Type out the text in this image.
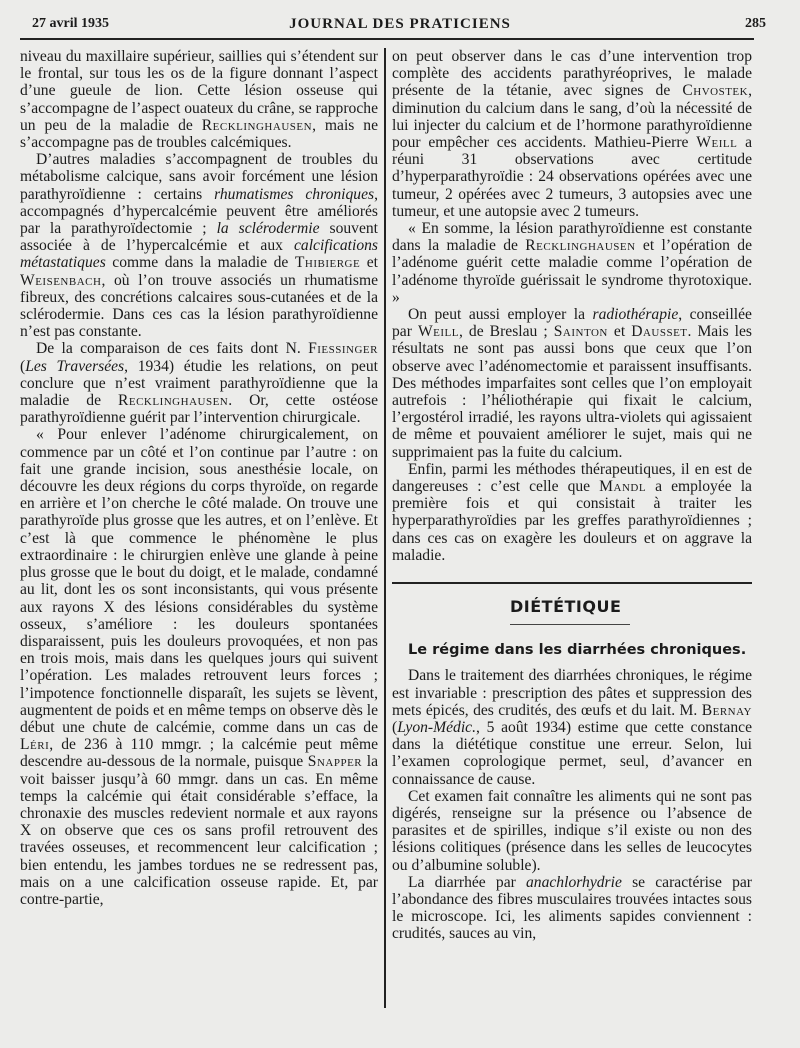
27 avril 1935	JOURNAL DES PRATICIENS	285

niveau du maxillaire supérieur, saillies qui s’étendent sur le frontal, sur tous les os de la figure donnant l’aspect d’une gueule de lion. Cette lésion osseuse qui s’accompagne de l’aspect ouateux du crâne, se rapproche un peu de la maladie de Recklinghausen, mais ne s’accompagne pas de troubles calcémiques.

D’autres maladies s’accompagnent de troubles du métabolisme calcique, sans avoir forcément une lésion parathyroïdienne : certains rhumatismes chroniques, accompagnés d’hypercalcémie peuvent être améliorés par la parathyroïdectomie ; la sclérodermie souvent associée à de l’hypercalcémie et aux calcifications métastatiques comme dans la maladie de Thibierge et Weisenbach, où l’on trouve associés un rhumatisme fibreux, des concrétions calcaires sous-cutanées et de la sclérodermie. Dans ces cas la lésion parathyroïdienne n’est pas constante.

De la comparaison de ces faits dont N. Fiessinger (Les Traversées, 1934) étudie les relations, on peut conclure que n’est vraiment parathyroïdienne que la maladie de Recklinghausen. Or, cette ostéose parathyroïdienne guérit par l’intervention chirurgicale.

« Pour enlever l’adénome chirurgicalement, on commence par un côté et l’on continue par l’autre : on fait une grande incision, sous anesthésie locale, on découvre les deux régions du corps thyroïde, on regarde en arrière et l’on cherche le côté malade. On trouve une parathyroïde plus grosse que les autres, et on l’enlève. Et c’est là que commence le phénomène le plus extraordinaire : le chirurgien enlève une glande à peine plus grosse que le bout du doigt, et le malade, condamné au lit, dont les os sont inconsistants, qui vous présente aux rayons X des lésions considérables du système osseux, s’améliore : les douleurs spontanées disparaissent, puis les douleurs provoquées, et non pas en trois mois, mais dans les quelques jours qui suivent l’opération. Les malades retrouvent leurs forces ; l’impotence fonctionnelle disparaît, les sujets se lèvent, augmentent de poids et en même temps on observe dès le début une chute de calcémie, comme dans un cas de Léri, de 236 à 110 mmgr. ; la calcémie peut même descendre au-dessous de la normale, puisque Snapper la voit baisser jusqu’à 60 mmgr. dans un cas. En même temps la calcémie qui était considérable s’efface, la chronaxie des muscles redevient normale et aux rayons X on observe que ces os sans profil retrouvent des travées osseuses, et recommencent leur calcification ; bien entendu, les jambes tordues ne se redressent pas, mais on a une calcification osseuse rapide. Et, par contre-partie,

on peut observer dans le cas d’une intervention trop complète des accidents parathyréoprives, le malade présente de la tétanie, avec signes de Chvostek, diminution du calcium dans le sang, d’où la nécessité de lui injecter du calcium et de l’hormone parathyroïdienne pour empêcher ces accidents. Mathieu-Pierre Weill a réuni 31 observations avec certitude d’hyperparathyroïdie : 24 observations opérées avec une tumeur, 2 opérées avec 2 tumeurs, 3 autopsies avec une tumeur, et une autopsie avec 2 tumeurs.

« En somme, la lésion parathyroïdienne est constante dans la maladie de Recklinghausen et l’opération de l’adénome guérit cette maladie comme l’opération de l’adénome thyroïde guérissait le syndrome thyrotoxique. »

On peut aussi employer la radiothérapie, conseillée par Weill, de Breslau ; Sainton et Dausset. Mais les résultats ne sont pas aussi bons que ceux que l’on observe avec l’adénomectomie et paraissent insuffisants. Des méthodes imparfaites sont celles que l’on employait autrefois : l’héliothérapie qui fixait le calcium, l’ergostérol irradié, les rayons ultra-violets qui agissaient de même et pouvaient améliorer le sujet, mais qui ne supprimaient pas la fuite du calcium.

Enfin, parmi les méthodes thérapeutiques, il en est de dangereuses : c’est celle que Mandl a employée la première fois et qui consistait à traiter les hyperparathyroïdies par les greffes parathyroïdiennes ; dans ces cas on exagère les douleurs et on aggrave la maladie.

DIÉTÉTIQUE
Le régime dans les diarrhées chroniques.

Dans le traitement des diarrhées chroniques, le régime est invariable : prescription des pâtes et suppression des mets épicés, des crudités, des œufs et du lait. M. Bernay (Lyon-Médic., 5 août 1934) estime que cette constance dans la diététique constitue une erreur. Selon, lui l’examen coprologique permet, seul, d’avancer en connaissance de cause.

Cet examen fait connaître les aliments qui ne sont pas digérés, renseigne sur la présence ou l’absence de parasites et de spirilles, indique s’il existe ou non des lésions colitiques (présence dans les selles de leucocytes ou d’albumine soluble).

La diarrhée par anachlorhydrie se caractérise par l’abondance des fibres musculaires trouvées intactes sous le microscope. Ici, les aliments sapides conviennent : crudités, sauces au vin,
